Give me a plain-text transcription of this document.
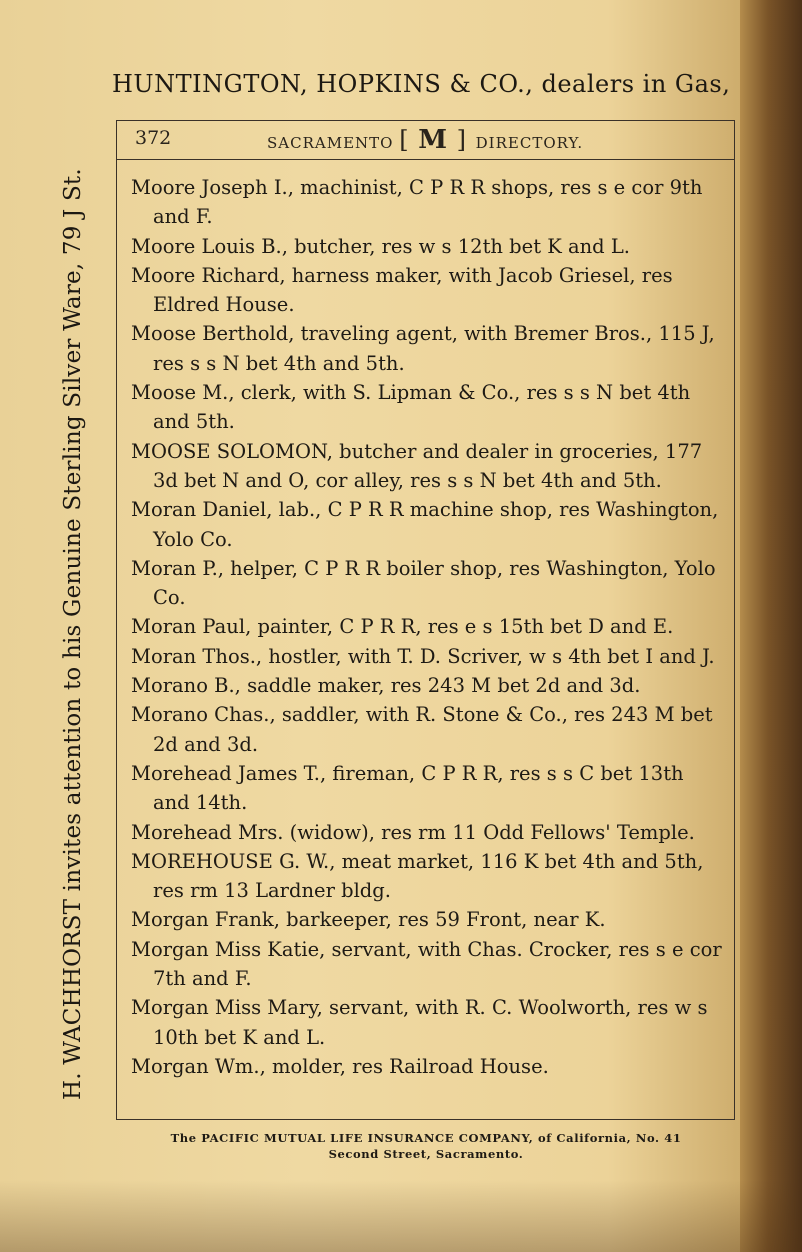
HUNTINGTON, HOPKINS & CO., dealers in Gas,
H. WACHHORST invites attention to his Genuine Sterling Silver Ware, 79 J St.
372	SACRAMENTO [ M ] DIRECTORY.

Moore Joseph I., machinist, C P R R shops, res s e cor 9th and F.

Moore Louis B., butcher, res w s 12th bet K and L.

Moore Richard, harness maker, with Jacob Griesel, res Eldred House.

Moose Berthold, traveling agent, with Bremer Bros., 115 J, res s s N bet 4th and 5th.

Moose M., clerk, with S. Lipman & Co., res s s N bet 4th and 5th.

MOOSE SOLOMON, butcher and dealer in groceries, 177 3d bet N and O, cor alley, res s s N bet 4th and 5th.

Moran Daniel, lab., C P R R machine shop, res Washington, Yolo Co.

Moran P., helper, C P R R boiler shop, res Washington, Yolo Co.

Moran Paul, painter, C P R R, res e s 15th bet D and E.

Moran Thos., hostler, with T. D. Scriver, w s 4th bet I and J.

Morano B., saddle maker, res 243 M bet 2d and 3d.

Morano Chas., saddler, with R. Stone & Co., res 243 M bet 2d and 3d.

Morehead James T., fireman, C P R R, res s s C bet 13th and 14th.

Morehead Mrs. (widow), res rm 11 Odd Fellows' Temple.

MOREHOUSE G. W., meat market, 116 K bet 4th and 5th, res rm 13 Lardner bldg.

Morgan Frank, barkeeper, res 59 Front, near K.

Morgan Miss Katie, servant, with Chas. Crocker, res s e cor 7th and F.

Morgan Miss Mary, servant, with R. C. Woolworth, res w s 10th bet K and L.

Morgan Wm., molder, res Railroad House.

The PACIFIC MUTUAL LIFE INSURANCE COMPANY, of California, No. 41
Second Street, Sacramento.
